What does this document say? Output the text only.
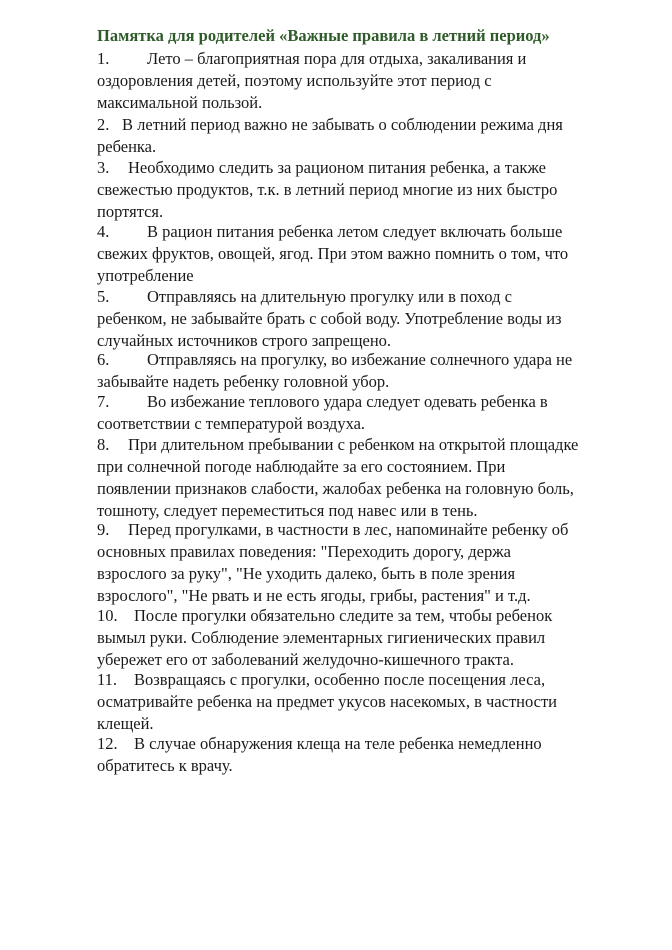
Памятка для родителей «Важные правила в летний период»
1. Лето – благоприятная пора для отдыха, закаливания и
оздоровления детей, поэтому используйте этот период с
максимальной пользой.
2. В летний период важно не забывать о соблюдении режима дня
ребенка.
3. Необходимо следить за рационом питания ребенка, а также
свежестью продуктов, т.к. в летний период многие из них быстро
портятся.
4. В рацион питания ребенка летом следует включать больше
свежих фруктов, овощей, ягод. При этом важно помнить о том, что
употребление
5. Отправляясь на длительную прогулку или в поход с
ребенком, не забывайте брать с собой воду. Употребление воды из
случайных источников строго запрещено.
6. Отправляясь на прогулку, во избежание солнечного удара не
забывайте надеть ребенку головной убор.
7. Во избежание теплового удара следует одевать ребенка в
соответствии с температурой воздуха.
8. При длительном пребывании с ребенком на открытой площадке
при солнечной погоде наблюдайте за его состоянием. При
появлении признаков слабости, жалобах ребенка на головную боль,
тошноту, следует переместиться под навес или в тень.
9. Перед прогулками, в частности в лес, напоминайте ребенку об
основных правилах поведения: "Переходить дорогу, держа
взрослого за руку", "Не уходить далеко, быть в поле зрения
взрослого", "Не рвать и не есть ягоды, грибы, растения" и т.д.
10. После прогулки обязательно следите за тем, чтобы ребенок
вымыл руки. Соблюдение элементарных гигиенических правил
убережет его от заболеваний желудочно-кишечного тракта.
11. Возвращаясь с прогулки, особенно после посещения леса,
осматривайте ребенка на предмет укусов насекомых, в частности
клещей.
12. В случае обнаружения клеща на теле ребенка немедленно
обратитесь к врачу.
